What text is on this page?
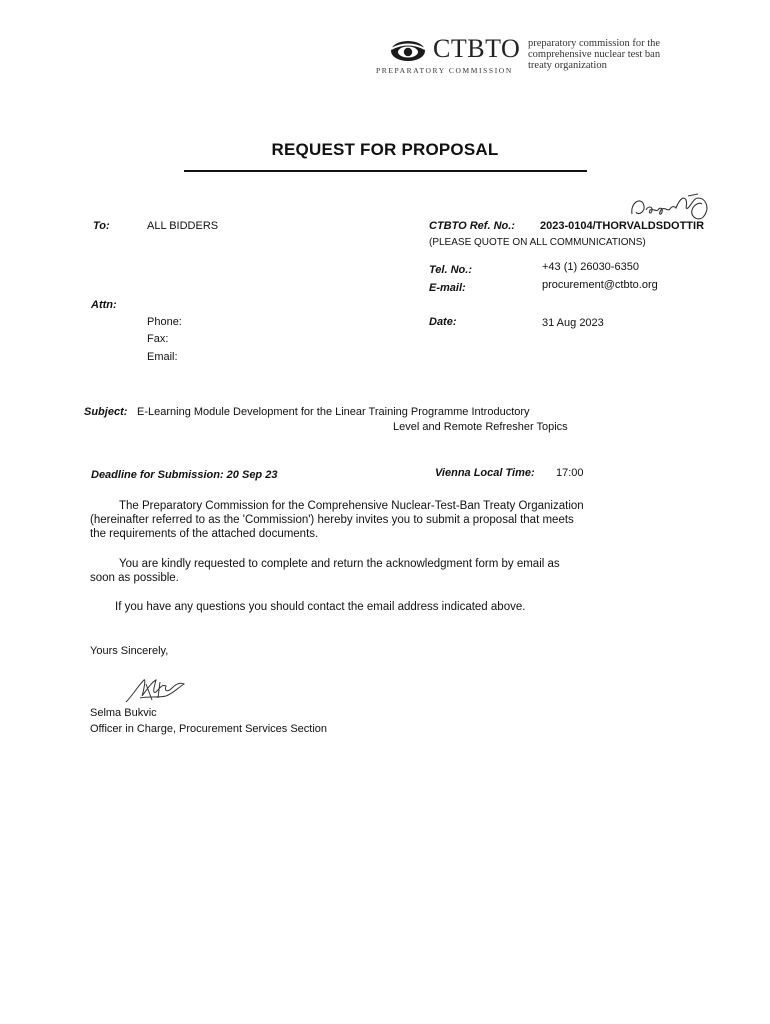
CTBTO
PREPARATORY COMMISSION
preparatory commission for the
comprehensive nuclear test ban
treaty organization
REQUEST FOR PROPOSAL
To:	ALL BIDDERS
Attn:
Phone:
Fax:
Email:
CTBTO Ref. No.: 2023-0104/THORVALDSDOTTIR
(PLEASE QUOTE ON ALL COMMUNICATIONS)
Tel. No.:	+43 (1) 26030-6350
E-mail:	procurement@ctbto.org
Date:	31 Aug 2023
Subject: E-Learning Module Development for the Linear Training Programme Introductory
Level and Remote Refresher Topics
Deadline for Submission: 20 Sep 23	Vienna Local Time: 17:00
The Preparatory Commission for the Comprehensive Nuclear-Test-Ban Treaty Organization
(hereinafter referred to as the 'Commission') hereby invites you to submit a proposal that meets
the requirements of the attached documents.
You are kindly requested to complete and return the acknowledgment form by email as
soon as possible.
If you have any questions you should contact the email address indicated above.
Yours Sincerely,
Selma Bukvic
Officer in Charge, Procurement Services Section
